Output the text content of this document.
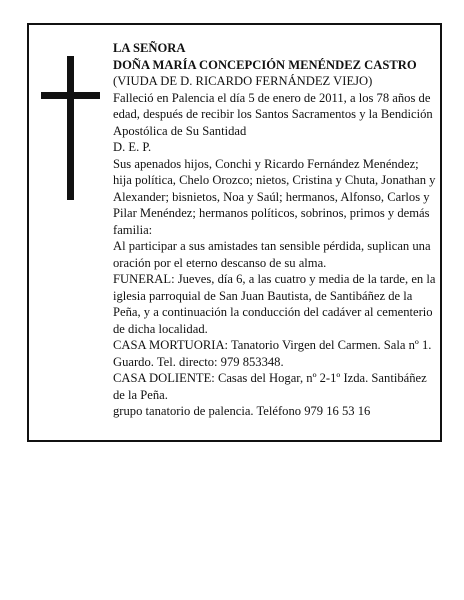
LA SEÑORA
DOÑA MARÍA CONCEPCIÓN MENÉNDEZ CASTRO
(VIUDA DE D. RICARDO FERNÁNDEZ VIEJO)
Falleció en Palencia el día 5 de enero de 2011, a los 78 años de edad, después de recibir los Santos Sacramentos y la Bendición Apostólica de Su Santidad
D. E. P.
Sus apenados hijos, Conchi y Ricardo Fernández Menéndez; hija política, Chelo Orozco; nietos, Cristina y Chuta, Jonathan y Alexander; bisnietos, Noa y Saúl; hermanos, Alfonso, Carlos y Pilar Menéndez; hermanos políticos, sobrinos, primos y demás familia:
Al participar a sus amistades tan sensible pérdida, suplican una oración por el eterno descanso de su alma.
FUNERAL: Jueves, día 6, a las cuatro y media de la tarde, en la iglesia parroquial de San Juan Bautista, de Santibáñez de la Peña, y a continuación la conducción del cadáver al cementerio de dicha localidad.
CASA MORTUORIA: Tanatorio Virgen del Carmen. Sala nº 1. Guardo. Tel. directo: 979 853348.
CASA DOLIENTE: Casas del Hogar, nº 2-1º Izda. Santibáñez de la Peña.
grupo tanatorio de palencia. Teléfono 979 16 53 16
